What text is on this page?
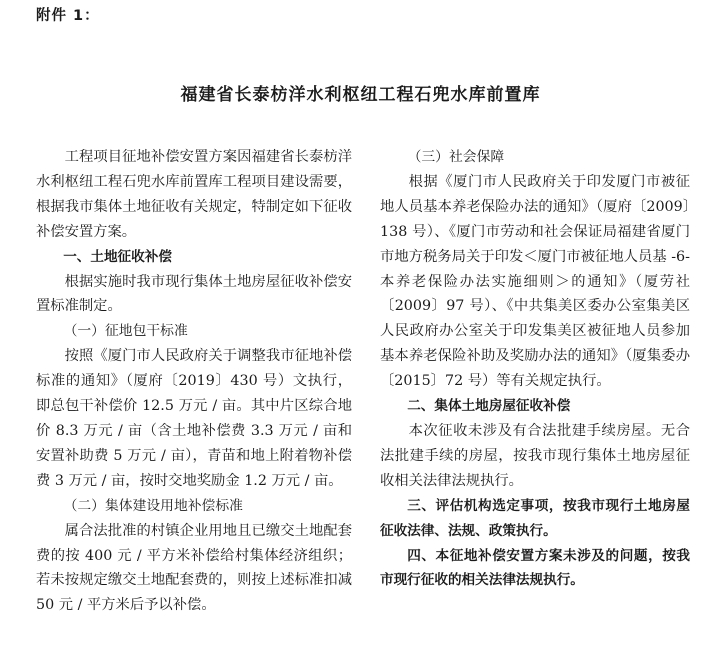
附件 1：
福建省长泰枋洋水利枢纽工程石兜水库前置库

工程项目征地补偿安置方案因福建省长泰枋洋水利枢纽工程石兜水库前置库工程项目建设需要，根据我市集体土地征收有关规定，特制定如下征收补偿安置方案。

一、土地征收补偿

根据实施时我市现行集体土地房屋征收补偿安置标准制定。

（一）征地包干标准

按照《厦门市人民政府关于调整我市征地补偿标准的通知》（厦府〔2019〕430 号）文执行，即总包干补偿价 12.5 万元 / 亩。其中片区综合地价 8.3 万元 / 亩（含土地补偿费 3.3 万元 / 亩和安置补助费 5 万元 / 亩），青苗和地上附着物补偿费 3 万元 / 亩，按时交地奖励金 1.2 万元 / 亩。

（二）集体建设用地补偿标准

属合法批准的村镇企业用地且已缴交土地配套费的按 400 元 / 平方米补偿给村集体经济组织；若未按规定缴交土地配套费的，则按上述标准扣减 50 元 / 平方米后予以补偿。

（三）社会保障

根据《厦门市人民政府关于印发厦门市被征地人员基本养老保险办法的通知》（厦府〔2009〕138 号）、《厦门市劳动和社会保证局福建省厦门市地方税务局关于印发＜厦门市被征地人员基 -6- 本养老保险办法实施细则＞的通知》（厦劳社〔2009〕97 号）、《中共集美区委办公室集美区人民政府办公室关于印发集美区被征地人员参加基本养老保险补助及奖励办法的通知》（厦集委办〔2015〕72 号）等有关规定执行。

二、集体土地房屋征收补偿

本次征收未涉及有合法批建手续房屋。无合法批建手续的房屋，按我市现行集体土地房屋征收相关法律法规执行。

三、评估机构选定事项，按我市现行土地房屋征收法律、法规、政策执行。

四、本征地补偿安置方案未涉及的问题，按我市现行征收的相关法律法规执行。
